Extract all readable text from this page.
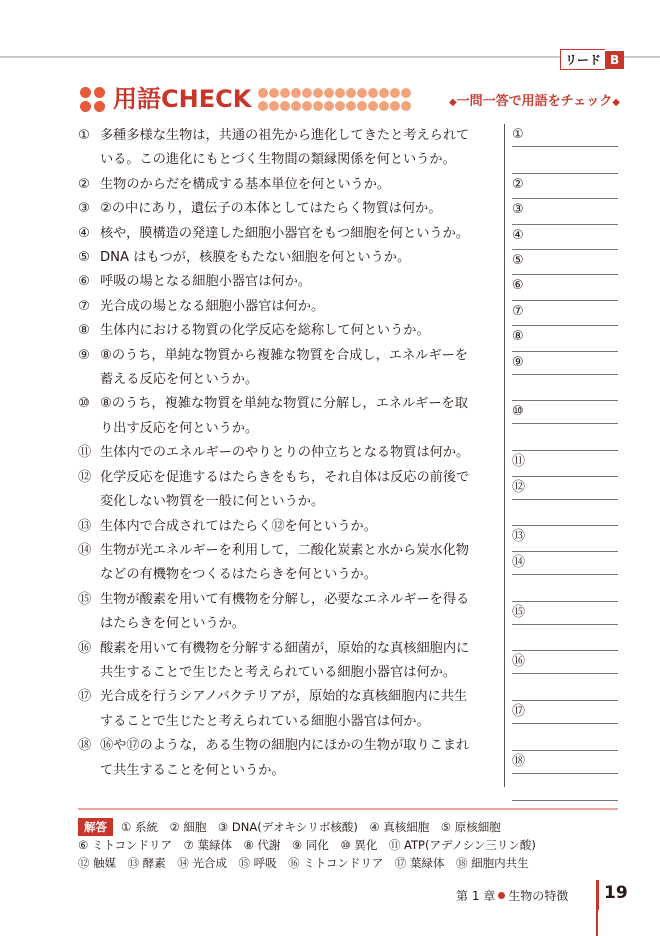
リード B
用語CHECK	◆一問一答で用語をチェック◆
① 多種多様な生物は，共通の祖先から進化してきたと考えられて
いる。この進化にもとづく生物間の類縁関係を何というか。
② 生物のからだを構成する基本単位を何というか。
③ ②の中にあり，遺伝子の本体としてはたらく物質は何か。
④ 核や，膜構造の発達した細胞小器官をもつ細胞を何というか。
⑤ DNA はもつが，核膜をもたない細胞を何というか。
⑥ 呼吸の場となる細胞小器官は何か。
⑦ 光合成の場となる細胞小器官は何か。
⑧ 生体内における物質の化学反応を総称して何というか。
⑨ ⑧のうち，単純な物質から複雑な物質を合成し，エネルギーを
蓄える反応を何というか。
⑩ ⑧のうち，複雑な物質を単純な物質に分解し，エネルギーを取
り出す反応を何というか。
⑪ 生体内でのエネルギーのやりとりの仲立ちとなる物質は何か。
⑫ 化学反応を促進するはたらきをもち，それ自体は反応の前後で
変化しない物質を一般に何というか。
⑬ 生体内で合成されてはたらく⑫を何というか。
⑭ 生物が光エネルギーを利用して，二酸化炭素と水から炭水化物
などの有機物をつくるはたらきを何というか。
⑮ 生物が酸素を用いて有機物を分解し，必要なエネルギーを得る
はたらきを何というか。
⑯ 酸素を用いて有機物を分解する細菌が，原始的な真核細胞内に
共生することで生じたと考えられている細胞小器官は何か。
⑰ 光合成を行うシアノバクテリアが，原始的な真核細胞内に共生
することで生じたと考えられている細胞小器官は何か。
⑱ ⑯や⑰のような，ある生物の細胞内にほかの生物が取りこまれ
て共生することを何というか。
①
②
③
④
⑤
⑥
⑦
⑧
⑨
⑩
⑪
⑫
⑬
⑭
⑮
⑯
⑰
⑱
解答 ① 系統　② 細胞　③ DNA(デオキシリボ核酸)　④ 真核細胞　⑤ 原核細胞
⑥ ミトコンドリア　⑦ 葉緑体　⑧ 代謝　⑨ 同化　⑩ 異化　⑪ ATP(アデノシン三リン酸)
⑫ 触媒　⑬ 酵素　⑭ 光合成　⑮ 呼吸　⑯ ミトコンドリア　⑰ 葉緑体　⑱ 細胞内共生
第 1 章 生物の特徴 19
